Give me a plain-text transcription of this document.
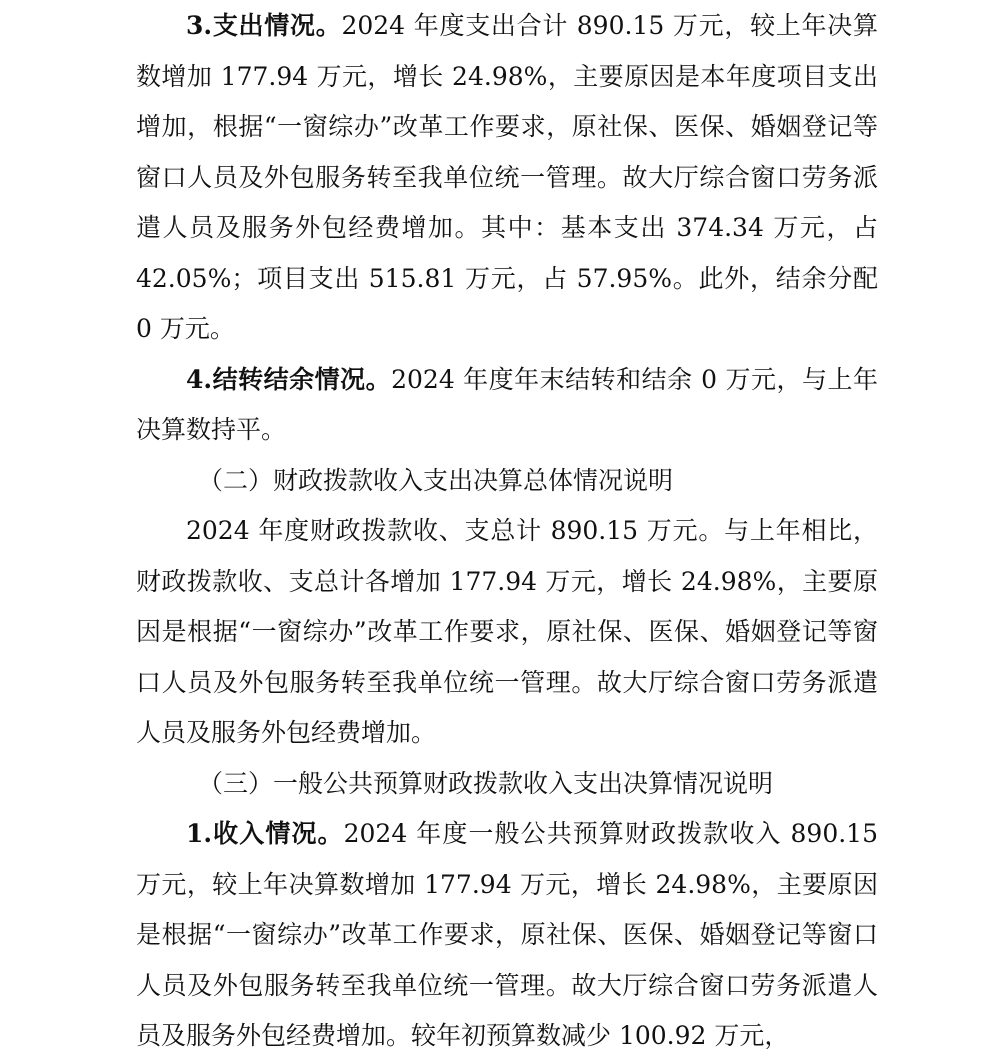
3.支出情况。2024 年度支出合计 890.15 万元，较上年决算数增加 177.94 万元，增长 24.98%，主要原因是本年度项目支出增加，根据“一窗综办”改革工作要求，原社保、医保、婚姻登记等窗口人员及外包服务转至我单位统一管理。故大厅综合窗口劳务派遣人员及服务外包经费增加。其中：基本支出 374.34 万元，占 42.05%；项目支出 515.81 万元，占 57.95%。此外，结余分配 0 万元。

4.结转结余情况。2024 年度年末结转和结余 0 万元，与上年决算数持平。

（二）财政拨款收入支出决算总体情况说明

2024 年度财政拨款收、支总计 890.15 万元。与上年相比，财政拨款收、支总计各增加 177.94 万元，增长 24.98%，主要原因是根据“一窗综办”改革工作要求，原社保、医保、婚姻登记等窗口人员及外包服务转至我单位统一管理。故大厅综合窗口劳务派遣人员及服务外包经费增加。

（三）一般公共预算财政拨款收入支出决算情况说明

1.收入情况。2024 年度一般公共预算财政拨款收入 890.15 万元，较上年决算数增加 177.94 万元，增长 24.98%，主要原因是根据“一窗综办”改革工作要求，原社保、医保、婚姻登记等窗口人员及外包服务转至我单位统一管理。故大厅综合窗口劳务派遣人员及服务外包经费增加。较年初预算数减少 100.92 万元，
